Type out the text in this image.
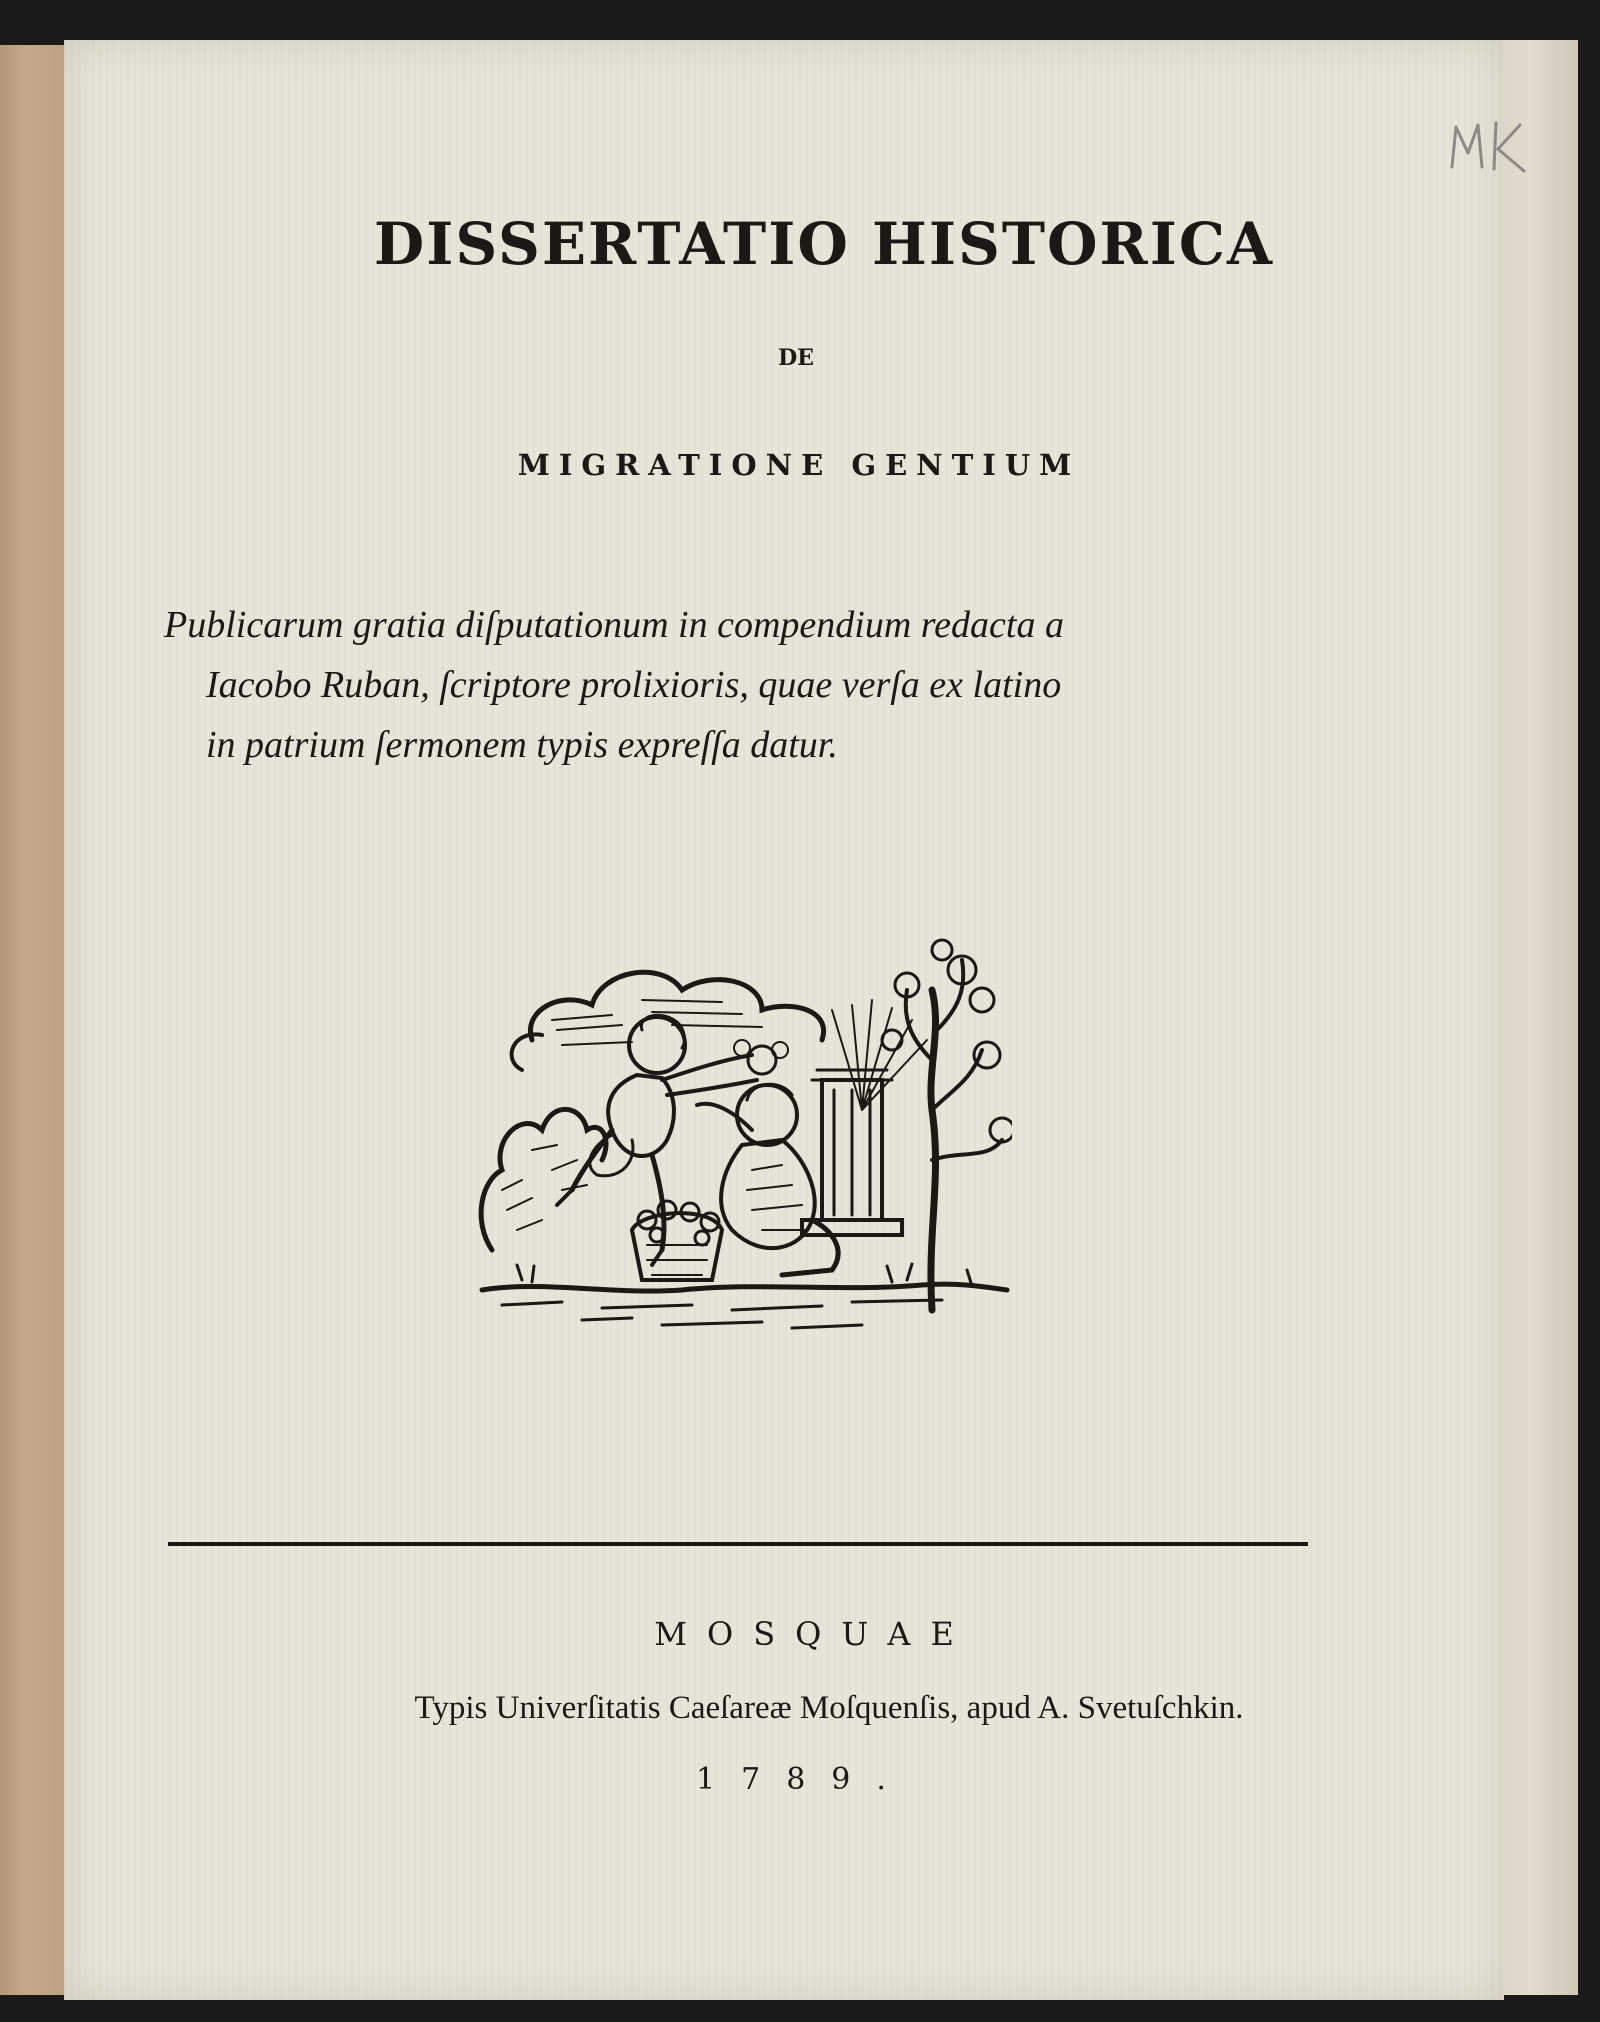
DISSERTATIO HISTORICA
DE
MIGRATIONE GENTIUM
Publicarum gratia diſputationum in compendium redacta a
Iacobo Ruban, ſcriptore prolixioris, quae verſa ex latino
in patrium ſermonem typis expreſſa datur.
MOSQUAE
Typis Univerſitatis Caeſareæ Moſquenſis, apud A. Svetuſchkin.
1789.
